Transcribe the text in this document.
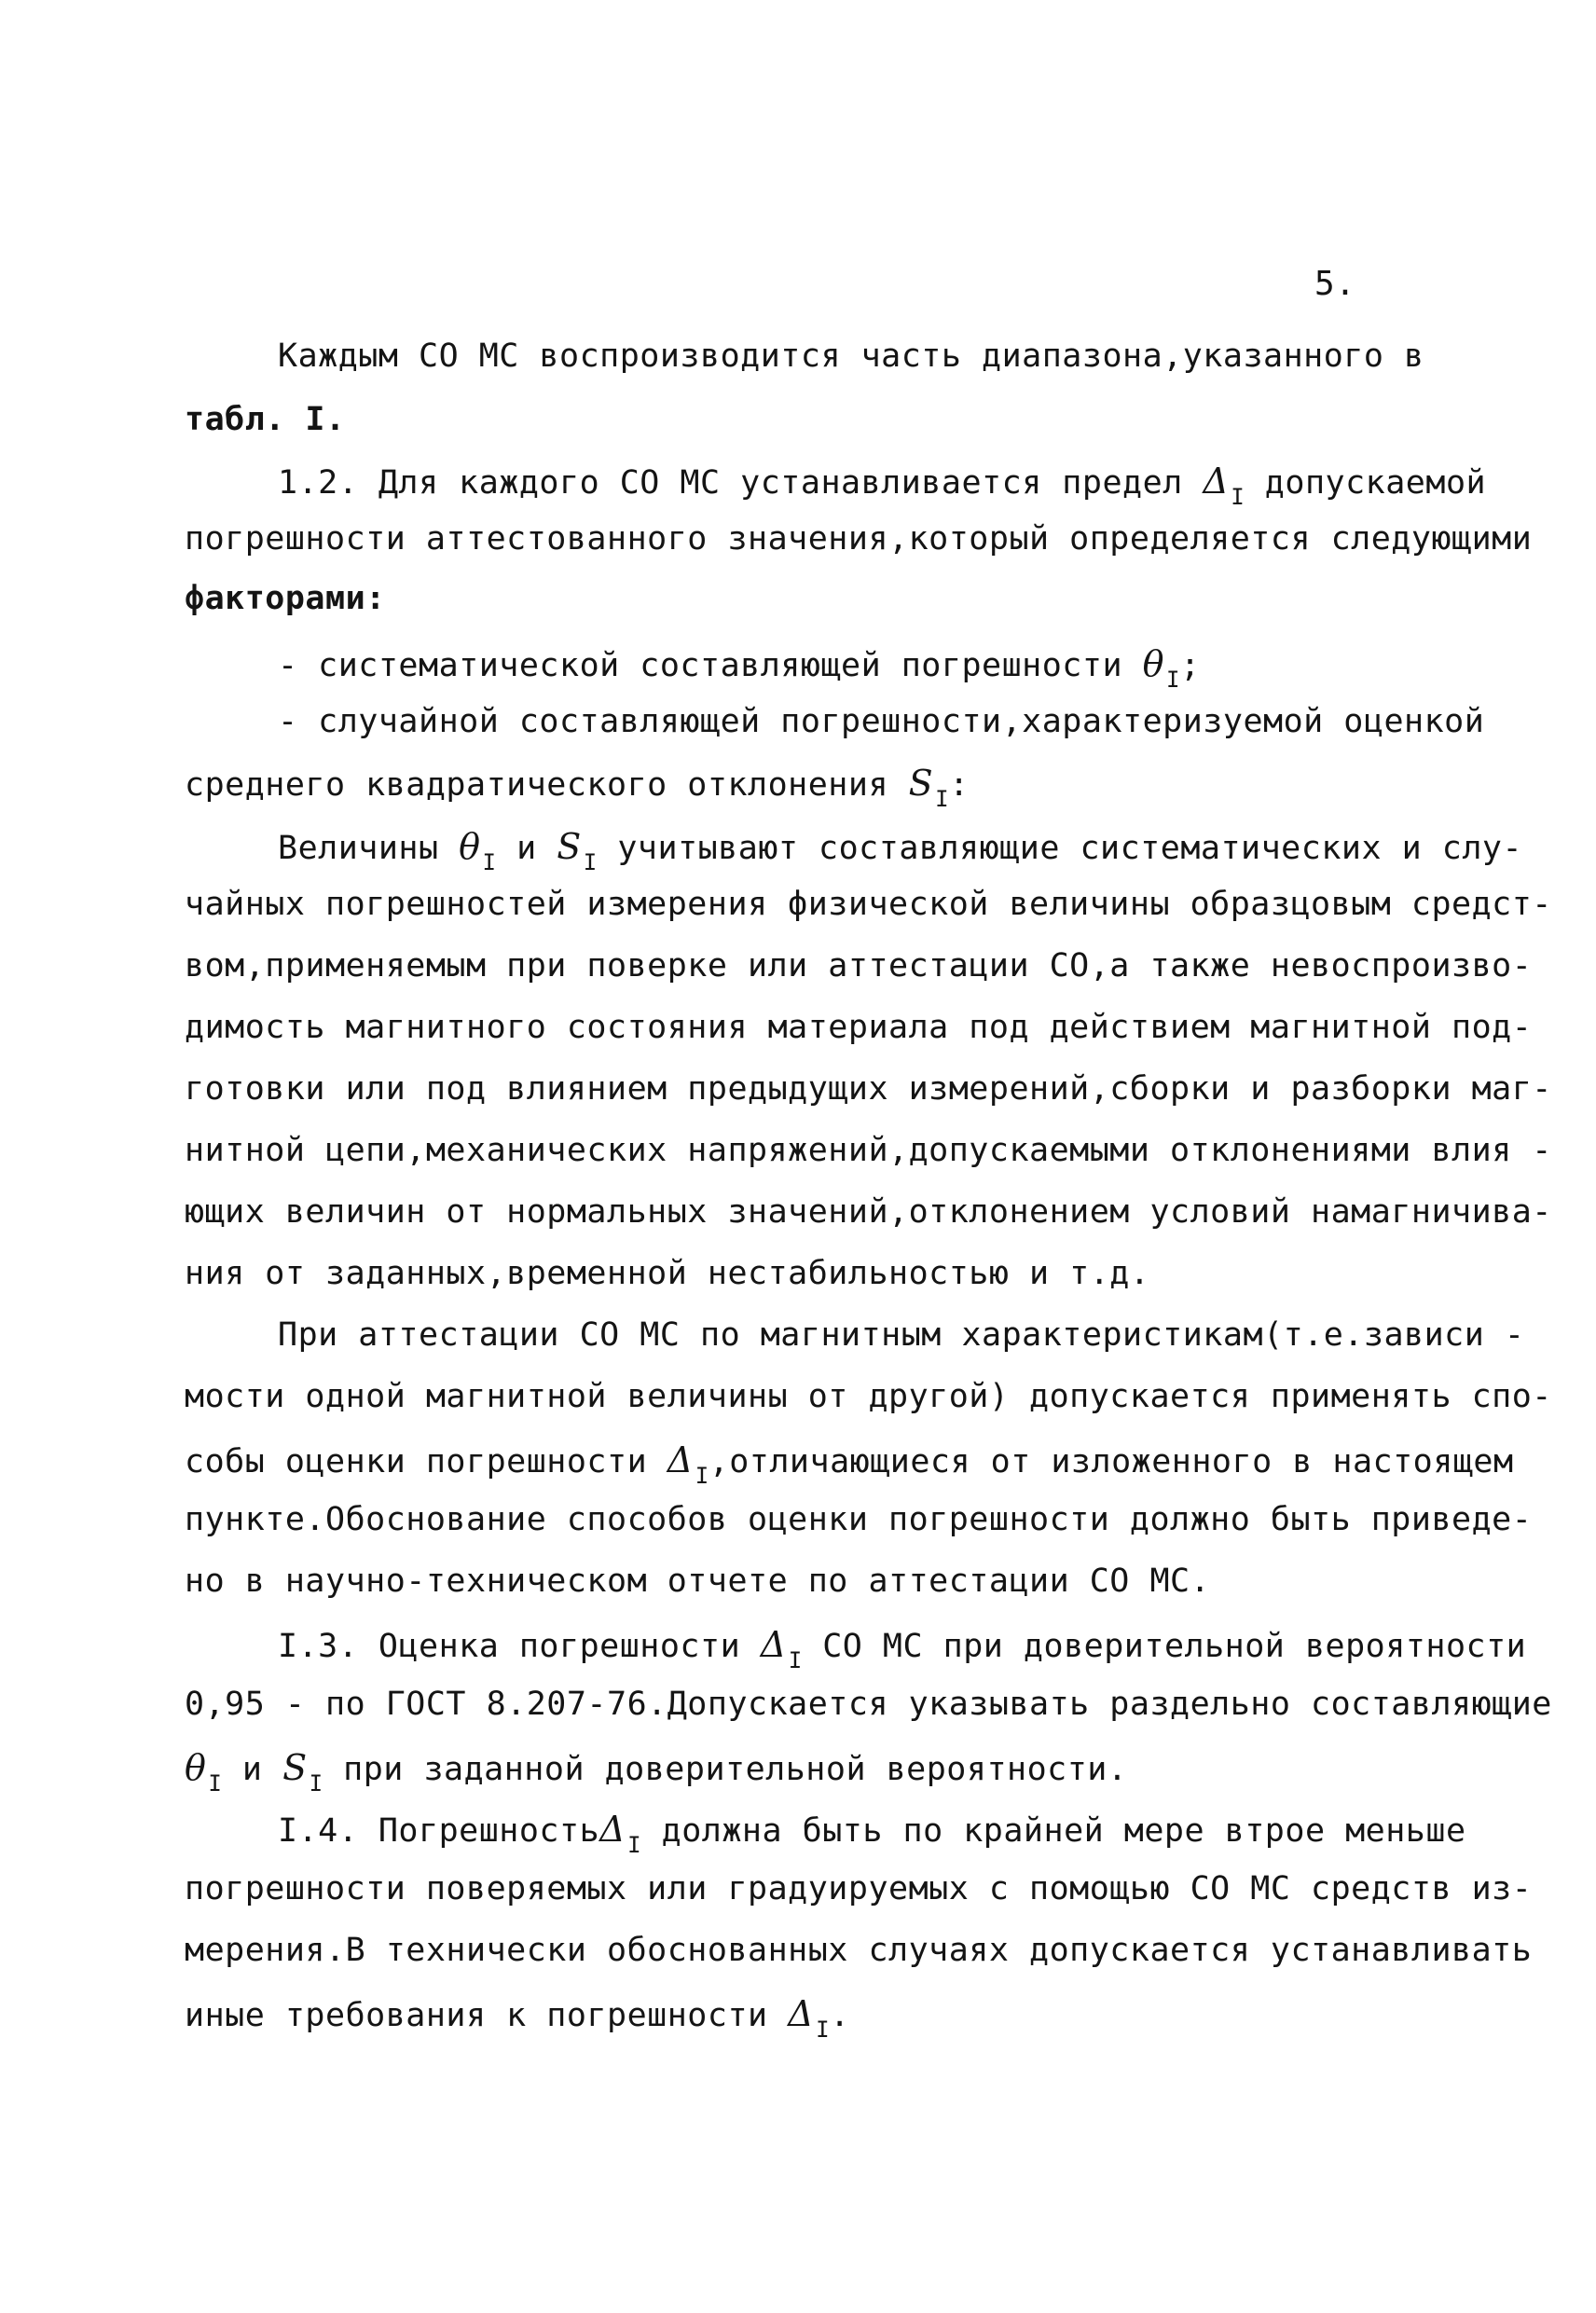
5.
Каждым СО МС воспроизводится часть диапазона,указанного в
табл. I.
1.2. Для каждого СО МС устанавливается предел $\Delta_I$ допускаемой
погрешности аттестованного значения,который определяется следующими
факторами:
- систематической составляющей погрешности $\theta_I$;
- случайной составляющей погрешности,характеризуемой оценкой
среднего квадратического отклонения $S_I$:
Величины $\theta_I$ и $S_I$ учитывают составляющие систематических и слу-
чайных погрешностей измерения физической величины образцовым средст-
вом,применяемым при поверке или аттестации СО,а также невоспроизво-
димость магнитного состояния материала под действием магнитной под-
готовки или под влиянием предыдущих измерений,сборки и разборки маг-
нитной цепи,механических напряжений,допускаемыми отклонениями влия -
ющих величин от нормальных значений,отклонением условий намагничива-
ния от заданных,временной нестабильностью и т.д.
При аттестации СО МС по магнитным характеристикам(т.е.зависи -
мости одной магнитной величины от другой) допускается применять спо-
собы оценки погрешности $\Delta_I,отличающиеся$ от изложенного в настоящем
пункте.Обоснование способов оценки погрешности должно быть приведе-
но в научно-техническом отчете по аттестации СО МС.
I.3. Оценка погрешности $\Delta_I$ СО МС при доверительной вероятности
0,95 - по ГОСТ 8.207-76.Допускается указывать раздельно составляющие
$\theta_I$ и $S_I$ при заданной доверительной вероятности.
I.4. ПогрешностьΔ$_I$ должна быть по крайней мере втрое меньше
погрешности поверяемых или градуируемых с помощью СО МС средств из-
мерения.В технически обоснованных случаях допускается устанавливать
иные требования к погрешности $\Delta_I$.
